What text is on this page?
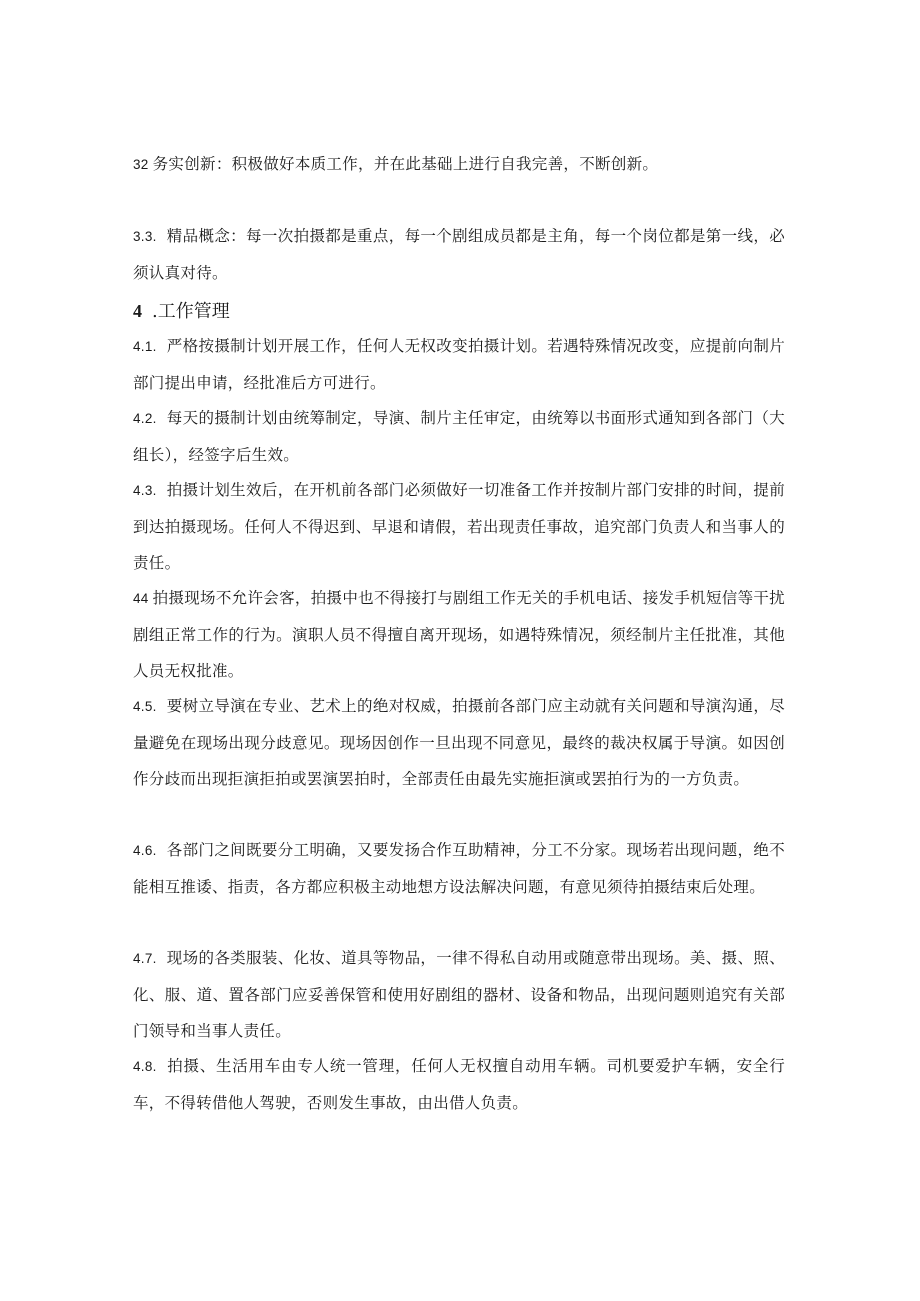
32 务实创新：积极做好本质工作，并在此基础上进行自我完善，不断创新。

3.3. 精品概念：每一次拍摄都是重点，每一个剧组成员都是主角，每一个岗位都是第一线，必须认真对待。

4 .工作管理

4.1. 严格按摄制计划开展工作，任何人无权改变拍摄计划。若遇特殊情况改变，应提前向制片部门提出申请，经批准后方可进行。

4.2. 每天的摄制计划由统筹制定，导演、制片主任审定，由统筹以书面形式通知到各部门（大组长），经签字后生效。

4.3. 拍摄计划生效后，在开机前各部门必须做好一切准备工作并按制片部门安排的时间，提前到达拍摄现场。任何人不得迟到、早退和请假，若出现责任事故，追究部门负责人和当事人的责任。

44 拍摄现场不允许会客，拍摄中也不得接打与剧组工作无关的手机电话、接发手机短信等干扰剧组正常工作的行为。演职人员不得擅自离开现场，如遇特殊情况，须经制片主任批准，其他人员无权批准。

4.5. 要树立导演在专业、艺术上的绝对权威，拍摄前各部门应主动就有关问题和导演沟通，尽量避免在现场出现分歧意见。现场因创作一旦出现不同意见，最终的裁决权属于导演。如因创作分歧而出现拒演拒拍或罢演罢拍时，全部责任由最先实施拒演或罢拍行为的一方负责。

4.6. 各部门之间既要分工明确，又要发扬合作互助精神，分工不分家。现场若出现问题，绝不能相互推诿、指责，各方都应积极主动地想方设法解决问题，有意见须待拍摄结束后处理。

4.7. 现场的各类服装、化妆、道具等物品，一律不得私自动用或随意带出现场。美、摄、照、化、服、道、置各部门应妥善保管和使用好剧组的器材、设备和物品，出现问题则追究有关部门领导和当事人责任。

4.8. 拍摄、生活用车由专人统一管理，任何人无权擅自动用车辆。司机要爱护车辆，安全行车，不得转借他人驾驶，否则发生事故，由出借人负责。
